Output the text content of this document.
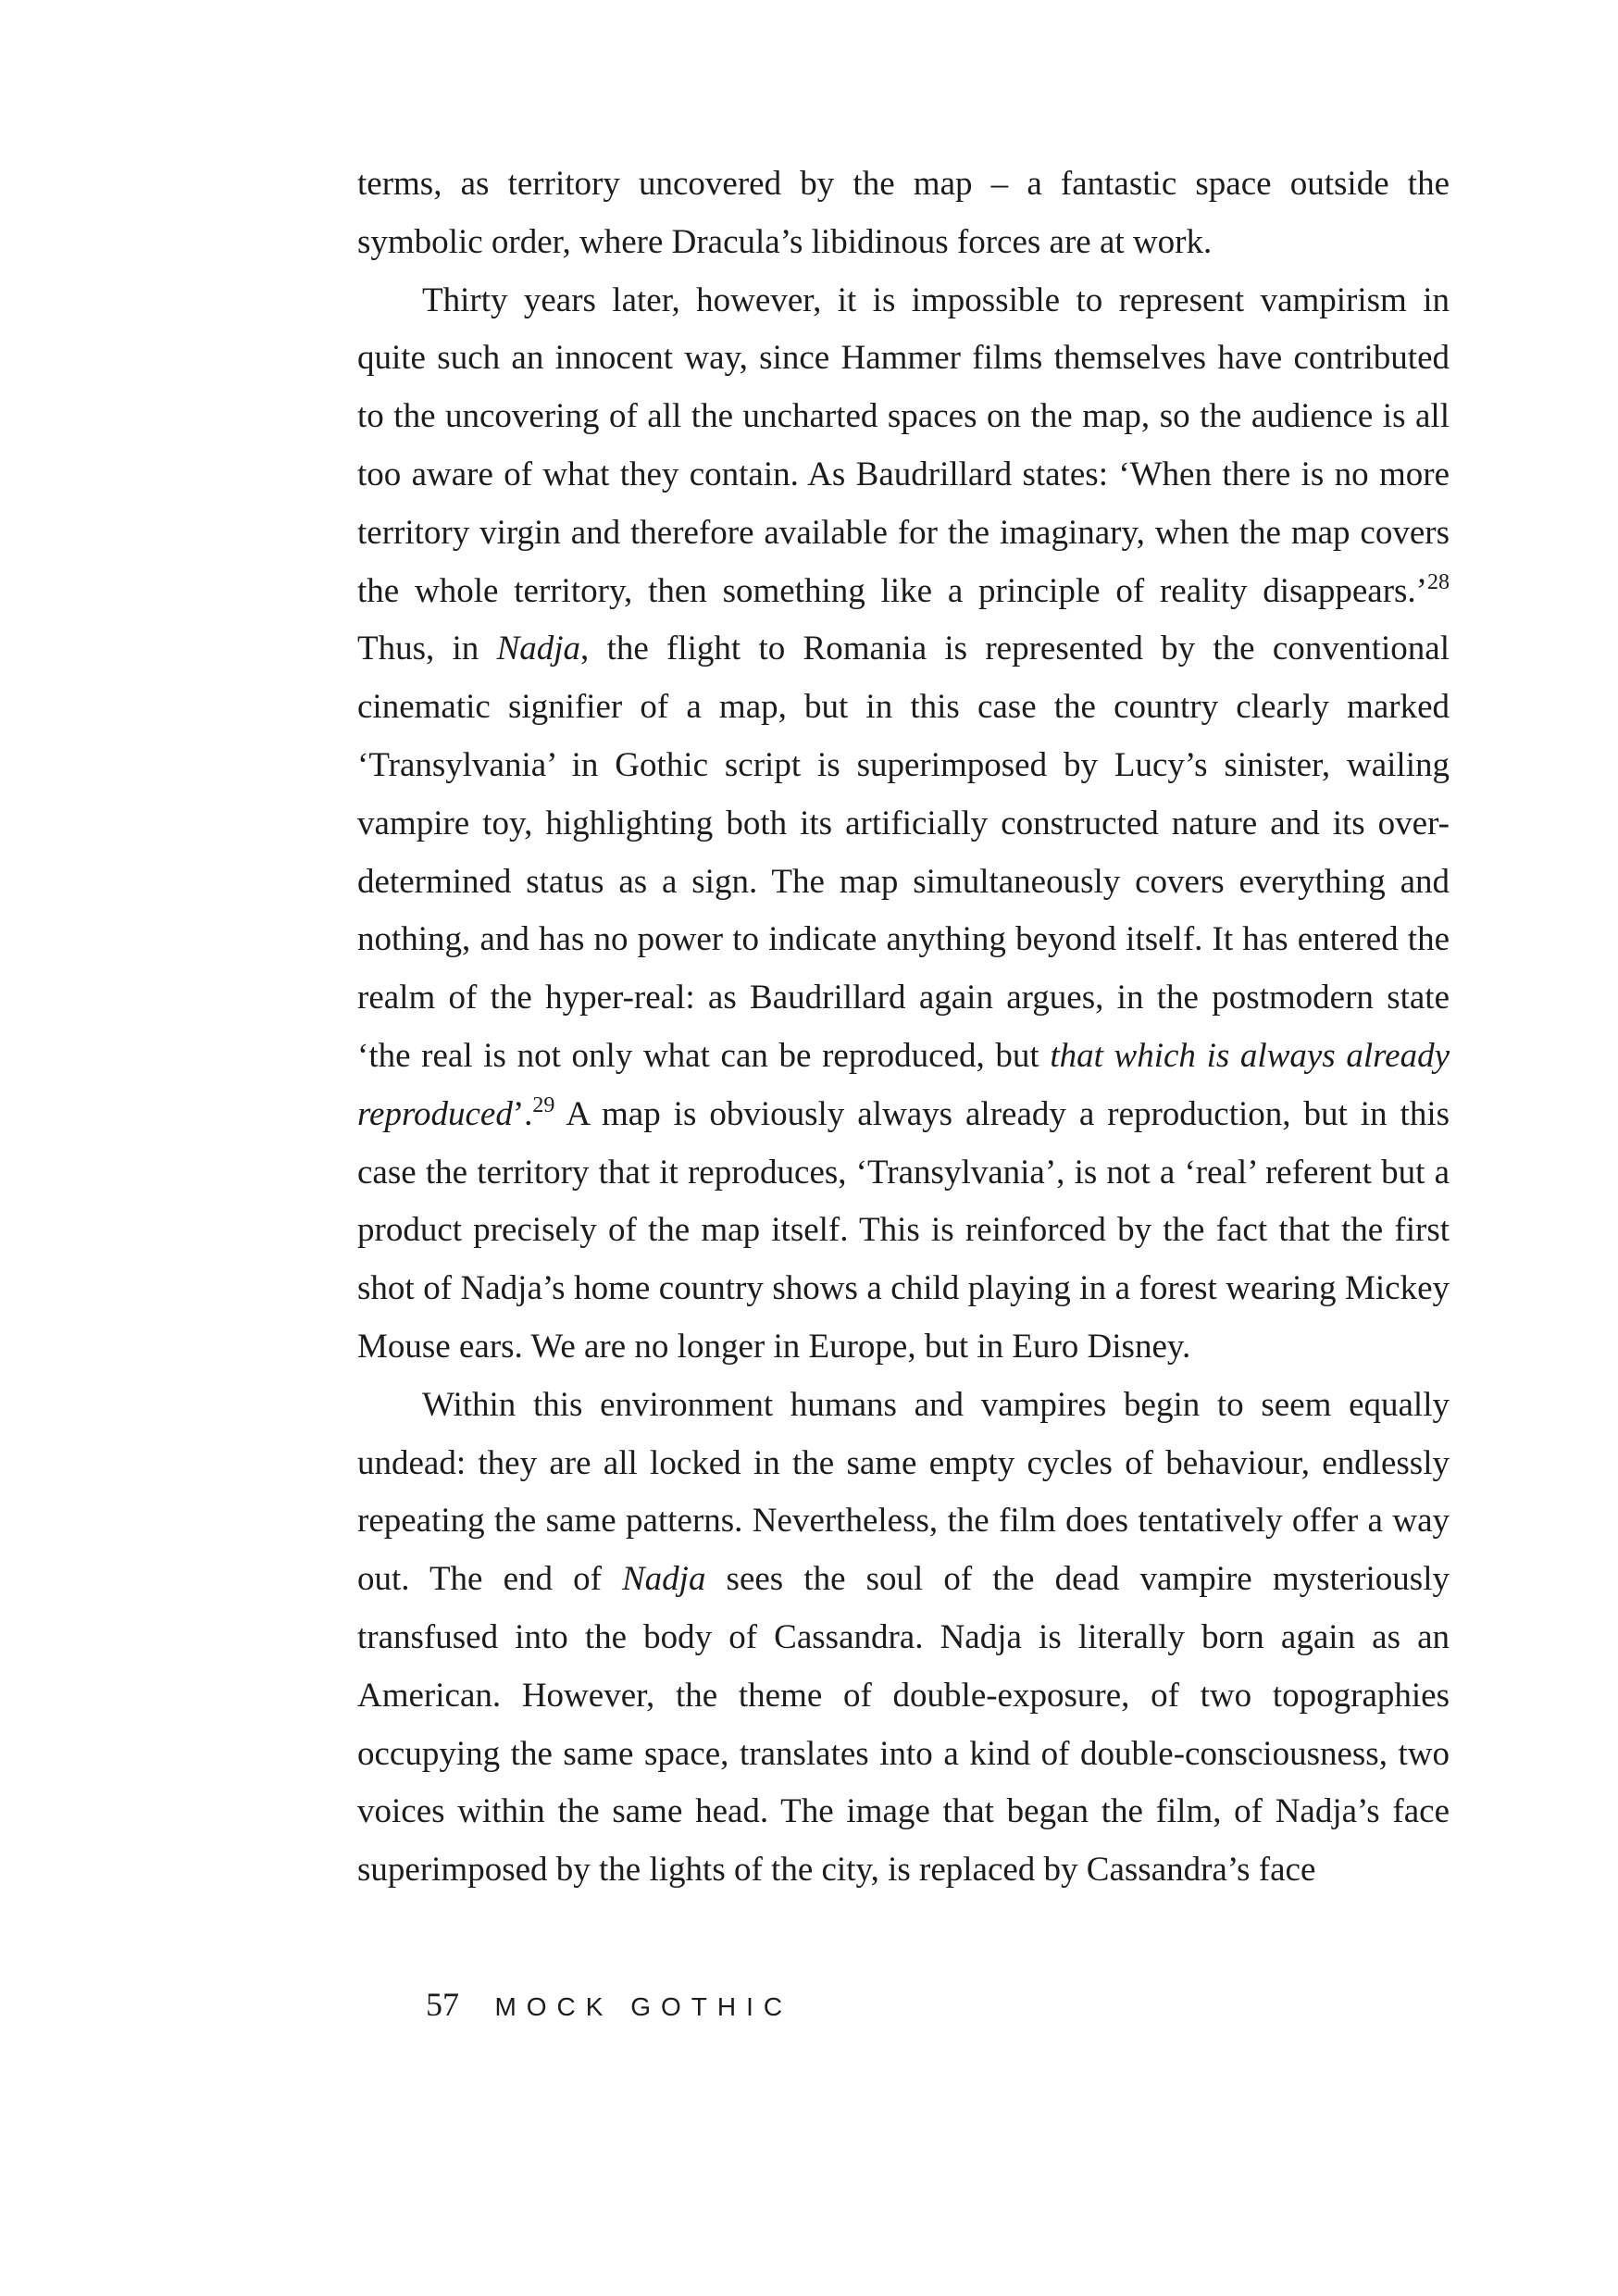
terms, as territory uncovered by the map – a fantastic space outside the symbolic order, where Dracula’s libidinous forces are at work.

Thirty years later, however, it is impossible to represent vampirism in quite such an innocent way, since Hammer films themselves have contributed to the uncovering of all the uncharted spaces on the map, so the audience is all too aware of what they contain. As Baudrillard states: ‘When there is no more territory virgin and therefore available for the imaginary, when the map covers the whole territory, then something like a principle of reality disappears.’$^{28}$ Thus, in Nadja, the flight to Romania is represented by the conventional cinematic signifier of a map, but in this case the country clearly marked ‘Transylvania’ in Gothic script is superimposed by Lucy’s sinister, wailing vampire toy, highlighting both its artificially constructed nature and its over-determined status as a sign. The map simultaneously covers everything and nothing, and has no power to indicate anything beyond itself. It has entered the realm of the hyper-real: as Baudrillard again argues, in the postmodern state ‘the real is not only what can be reproduced, but that which is always already reproduced’.$^{29}$ A map is obviously always already a reproduction, but in this case the territory that it reproduces, ‘Transylvania’, is not a ‘real’ referent but a product precisely of the map itself. This is reinforced by the fact that the first shot of Nadja’s home country shows a child playing in a forest wearing Mickey Mouse ears. We are no longer in Europe, but in Euro Disney.

Within this environment humans and vampires begin to seem equally undead: they are all locked in the same empty cycles of behaviour, endlessly repeating the same patterns. Nevertheless, the film does tentatively offer a way out. The end of Nadja sees the soul of the dead vampire mysteriously transfused into the body of Cassandra. Nadja is literally born again as an American. However, the theme of double-exposure, of two topographies occupying the same space, translates into a kind of double-consciousness, two voices within the same head. The image that began the film, of Nadja’s face superimposed by the lights of the city, is replaced by Cassandra’s face

57 MOCK GOTHIC
